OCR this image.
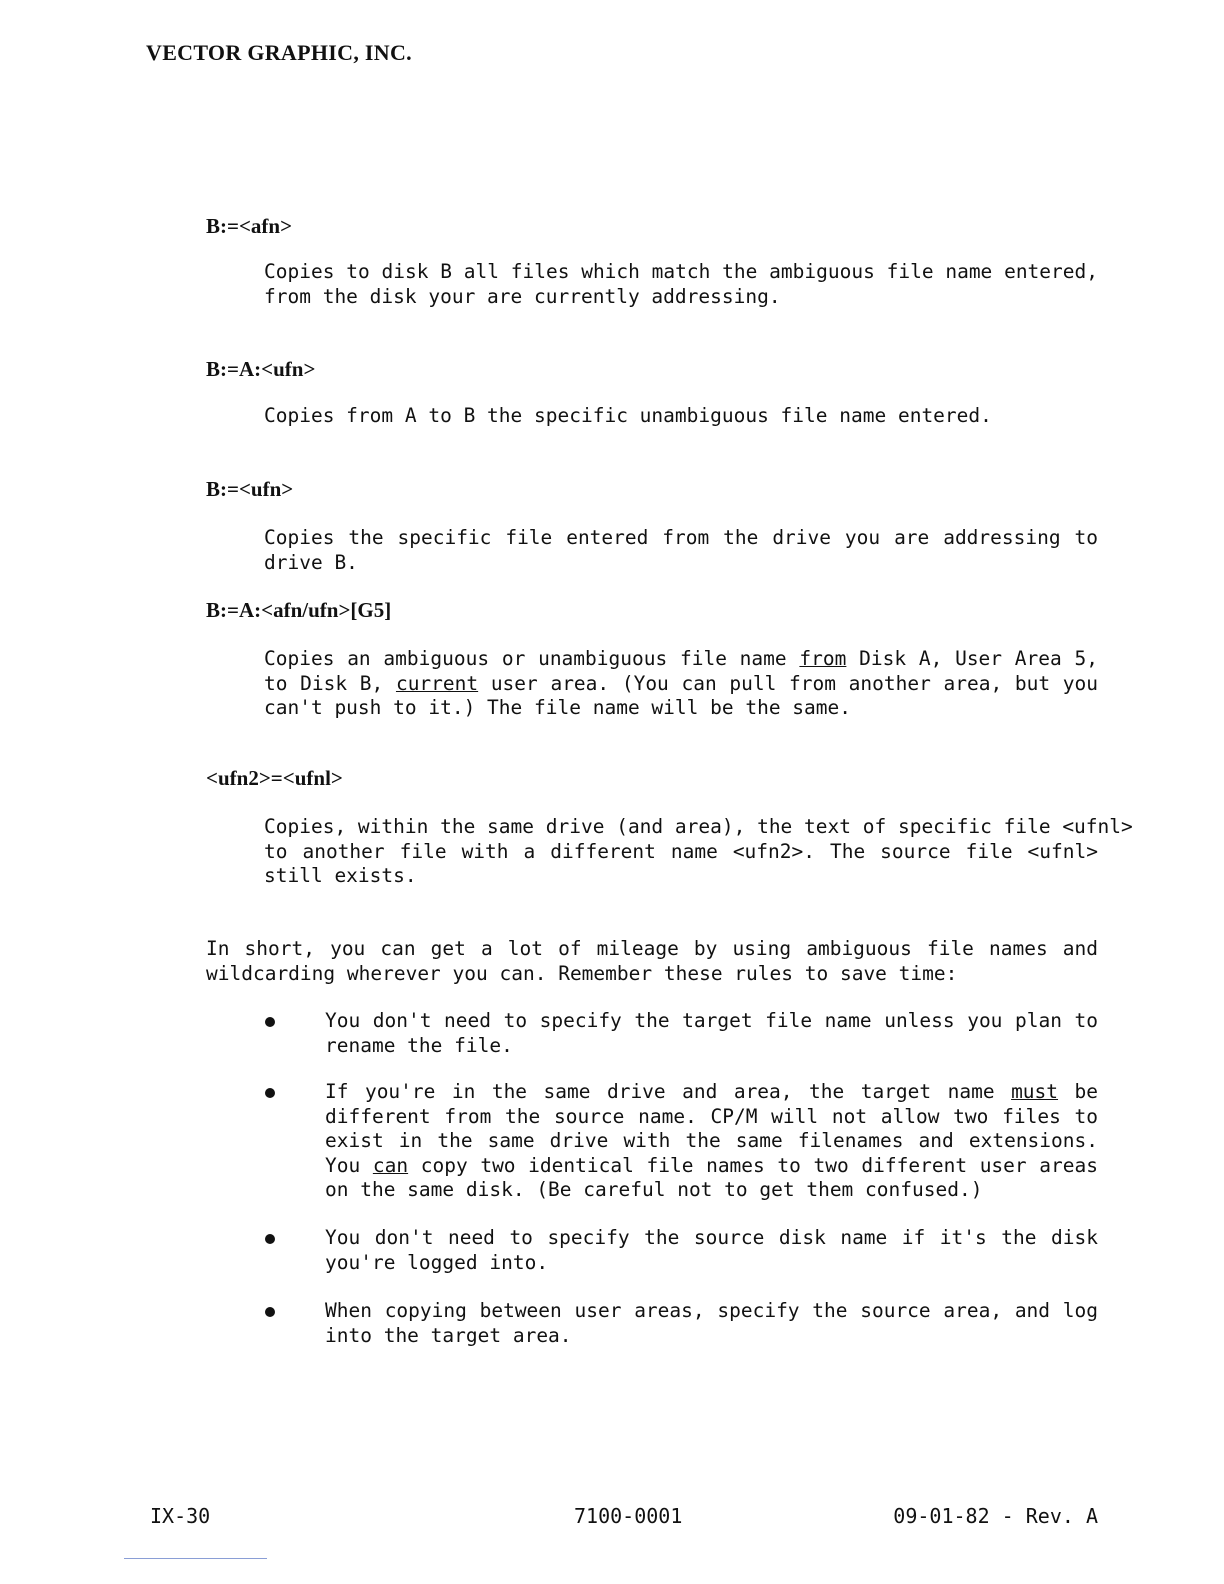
VECTOR GRAPHIC, INC.
B:=<afn>
Copies to disk B all files which match the ambiguous file name entered,
from the disk your are currently addressing.
B:=A:<ufn>
Copies from A to B the specific unambiguous file name entered.
B:=<ufn>
Copies the specific file entered from the drive you are addressing to
drive B.
B:=A:<afn/ufn>[G5]
Copies an ambiguous or unambiguous file name from Disk A, User Area 5,
to Disk B, current user area. (You can pull from another area, but you
can't push to it.) The file name will be the same.
<ufn2>=<ufnl>
Copies, within the same drive (and area), the text of specific file <ufnl>
to another file with a different name <ufn2>. The source file <ufnl>
still exists.
In short, you can get a lot of mileage by using ambiguous file names and
wildcarding wherever you can. Remember these rules to save time:
You don't need to specify the target file name unless you plan to
rename the file.
If you're in the same drive and area, the target name must be
different from the source name. CP/M will not allow two files to
exist in the same drive with the same filenames and extensions.
You can copy two identical file names to two different user areas
on the same disk. (Be careful not to get them confused.)
You don't need to specify the source disk name if it's the disk
you're logged into.
When copying between user areas, specify the source area, and log
into the target area.
IX-30	7100-0001	09-01-82 - Rev. A
